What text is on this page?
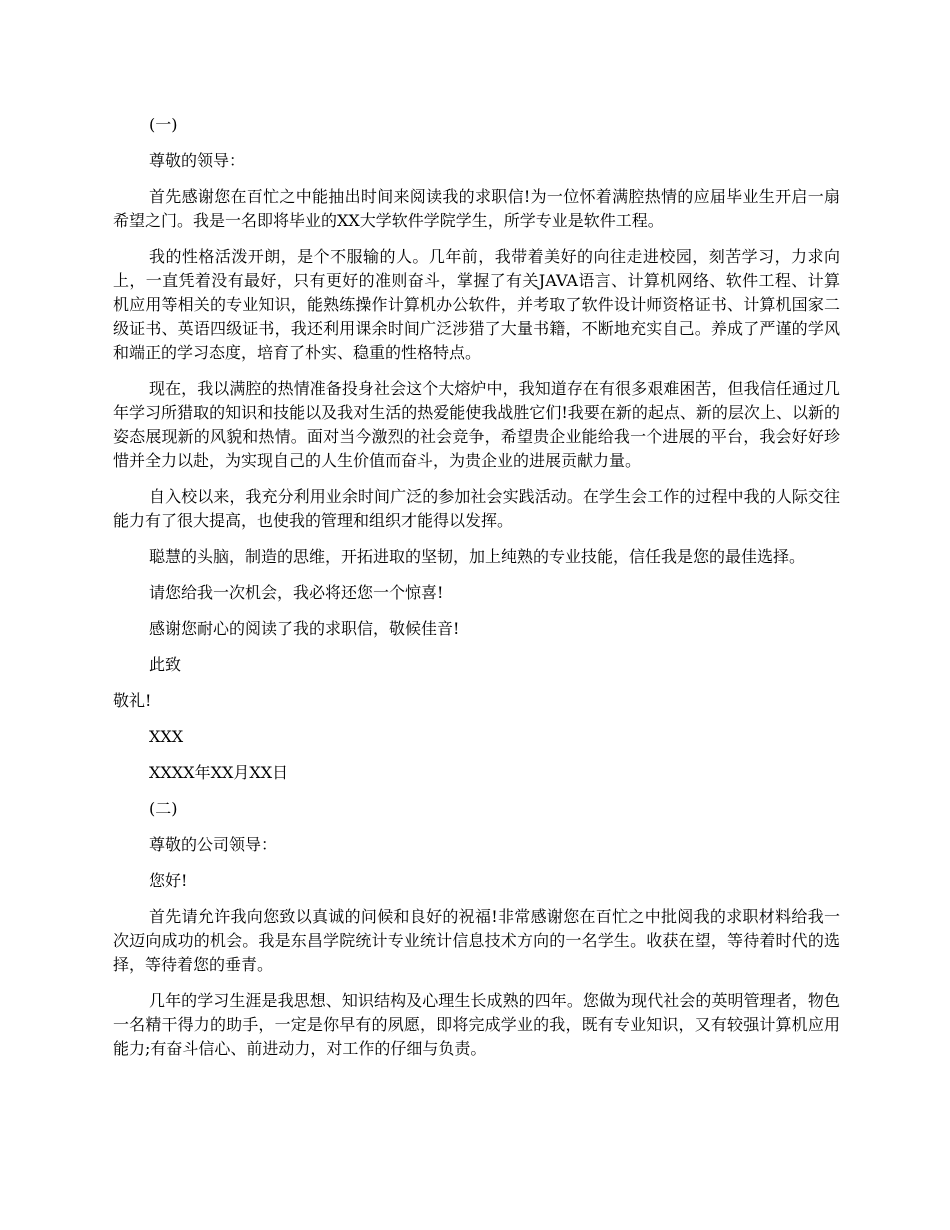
(一)

尊敬的领导：

首先感谢您在百忙之中能抽出时间来阅读我的求职信!为一位怀着满腔热情的应届毕业生开启一扇希望之门。我是一名即将毕业的XX大学软件学院学生，所学专业是软件工程。

我的性格活泼开朗，是个不服输的人。几年前，我带着美好的向往走进校园，刻苦学习，力求向上，一直凭着没有最好，只有更好的准则奋斗，掌握了有关JAVA语言、计算机网络、软件工程、计算机应用等相关的专业知识，能熟练操作计算机办公软件，并考取了软件设计师资格证书、计算机国家二级证书、英语四级证书，我还利用课余时间广泛涉猎了大量书籍，不断地充实自己。养成了严谨的学风和端正的学习态度，培育了朴实、稳重的性格特点。

现在，我以满腔的热情准备投身社会这个大熔炉中，我知道存在有很多艰难困苦，但我信任通过几年学习所猎取的知识和技能以及我对生活的热爱能使我战胜它们!我要在新的起点、新的层次上、以新的姿态展现新的风貌和热情。面对当今激烈的社会竞争，希望贵企业能给我一个进展的平台，我会好好珍惜并全力以赴，为实现自己的人生价值而奋斗，为贵企业的进展贡献力量。

自入校以来，我充分利用业余时间广泛的参加社会实践活动。在学生会工作的过程中我的人际交往能力有了很大提高，也使我的管理和组织才能得以发挥。

聪慧的头脑，制造的思维，开拓进取的坚韧，加上纯熟的专业技能，信任我是您的最佳选择。

请您给我一次机会，我必将还您一个惊喜!

感谢您耐心的阅读了我的求职信，敬候佳音!

此致

敬礼!

XXX

XXXX年XX月XX日

(二)

尊敬的公司领导：

您好!

首先请允许我向您致以真诚的问候和良好的祝福!非常感谢您在百忙之中批阅我的求职材料给我一次迈向成功的机会。我是东昌学院统计专业统计信息技术方向的一名学生。收获在望，等待着时代的选择，等待着您的垂青。

几年的学习生涯是我思想、知识结构及心理生长成熟的四年。您做为现代社会的英明管理者，物色一名精干得力的助手，一定是你早有的夙愿，即将完成学业的我，既有专业知识，又有较强计算机应用能力;有奋斗信心、前进动力，对工作的仔细与负责。
